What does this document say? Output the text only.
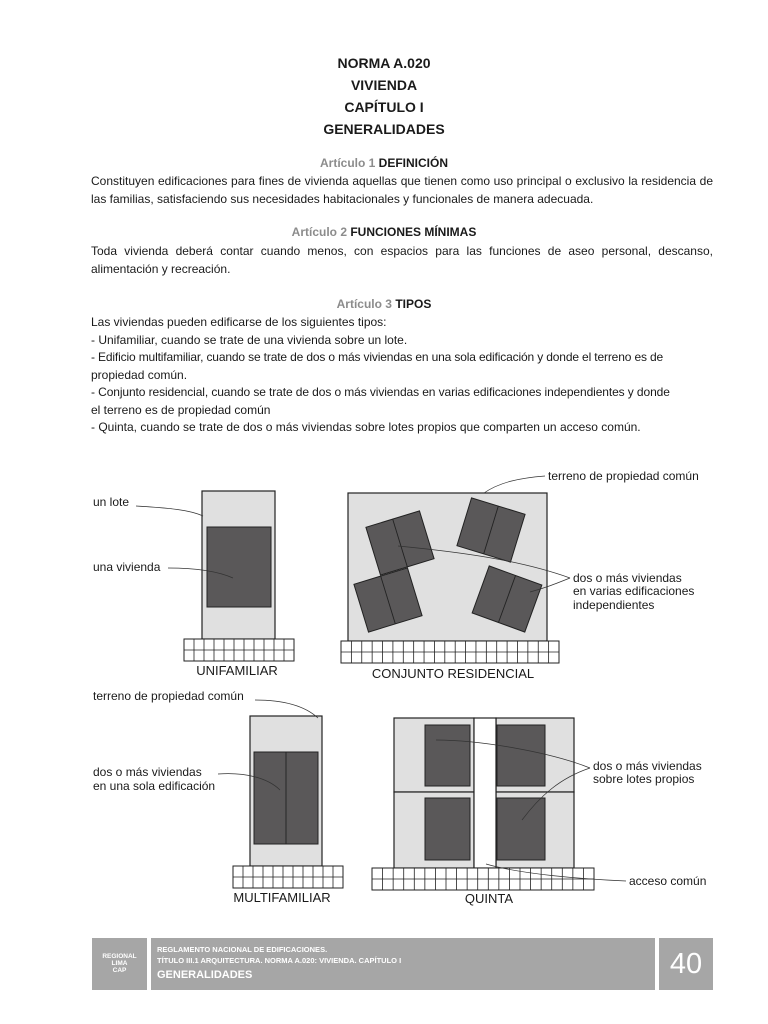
NORMA A.020
VIVIENDA
CAPÍTULO I
GENERALIDADES
Artículo 1 DEFINICIÓN
Constituyen edificaciones para fines de vivienda aquellas que tienen como uso principal o exclusivo la residencia de las familias, satisfaciendo sus necesidades habitacionales y funcionales de manera adecuada.
Artículo 2 FUNCIONES MÍNIMAS
Toda vivienda deberá contar cuando menos, con espacios para las funciones de aseo personal, descanso, alimentación y recreación.
Artículo 3 TIPOS
Las viviendas pueden edificarse de los siguientes tipos:
- Unifamiliar, cuando se trate de una vivienda sobre un lote.
- Edificio multifamiliar, cuando se trate de dos o más viviendas en una sola edificación y donde el terreno es de
propiedad común.
- Conjunto residencial, cuando se trate de dos o más viviendas en varias edificaciones independientes y donde
el terreno es de propiedad común
- Quinta, cuando se trate de dos o más viviendas sobre lotes propios que comparten un acceso común.
un lote
una vivienda
UNIFAMILIAR
terreno de propiedad común
dos o más viviendas
en varias edificaciones
independientes
CONJUNTO RESIDENCIAL
terreno de propiedad común
dos o más viviendas
en una sola edificación
MULTIFAMILIAR
dos o más viviendas
sobre lotes propios
acceso común
QUINTA
REGIONAL
LIMA
CAP
REGLAMENTO NACIONAL DE EDIFICACIONES.
TÍTULO III.1 ARQUITECTURA. NORMA A.020: VIVIENDA. CAPÍTULO I
GENERALIDADES	40
